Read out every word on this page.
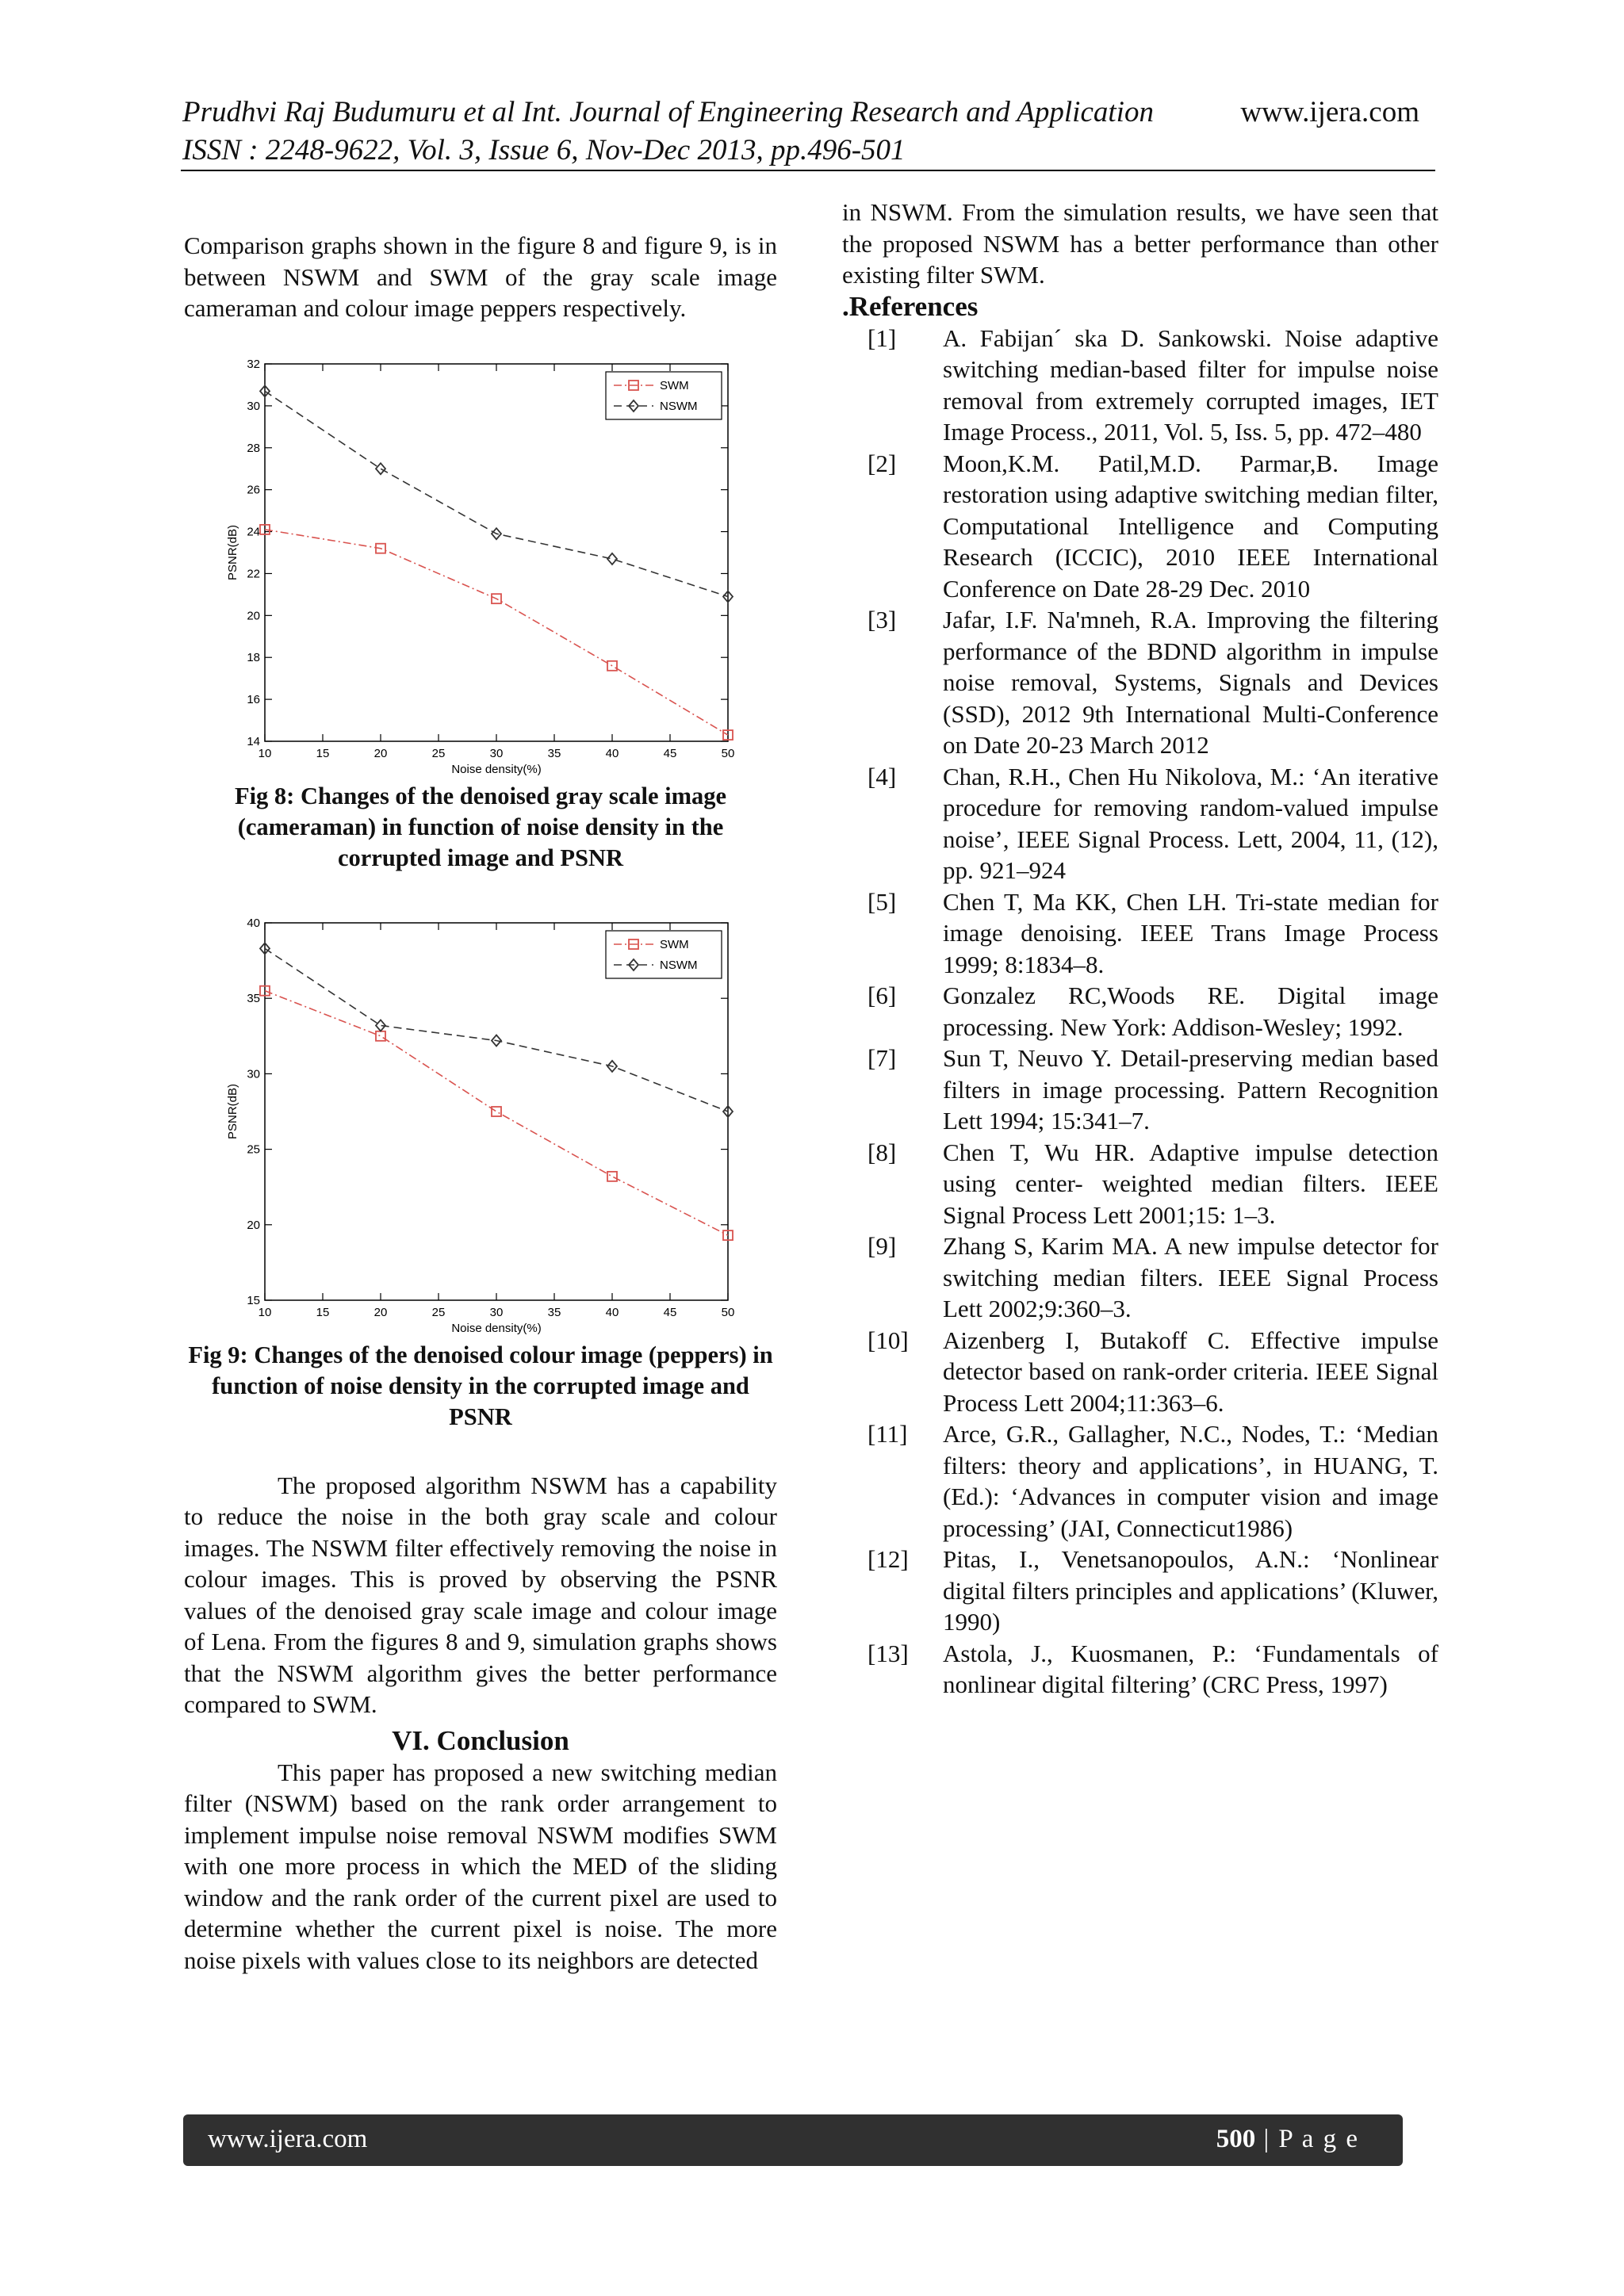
Prudhvi Raj Budumuru et al Int. Journal of Engineering Research and Application
ISSN : 2248-9622, Vol. 3, Issue 6, Nov-Dec 2013, pp.496-501
www.ijera.com

Comparison graphs shown in the figure 8 and figure 9, is in between NSWM and SWM of the gray scale image cameraman and colour image peppers respectively.

10	15	20	25	30	35	40	45	50
14
16
18
20
22
24
26
28
30
32
Noise density(%)
PSNR(dB)
SWM
NSWM

Fig 8: Changes of the denoised gray scale image (cameraman) in function of noise density in the corrupted image and PSNR

10	15	20	25	30	35	40	45	50
15
20
25
30
35
40
Noise density(%)
PSNR(dB)
SWM
NSWM

Fig 9: Changes of the denoised colour image (peppers) in function of noise density in the corrupted image and PSNR

The proposed algorithm NSWM has a capability to reduce the noise in the both gray scale and colour images. The NSWM filter effectively removing the noise in colour images. This is proved by observing the PSNR values of the denoised gray scale image and colour image of Lena. From the figures 8 and 9, simulation graphs shows that the NSWM algorithm gives the better performance compared to SWM.

VI. Conclusion

This paper has proposed a new switching median filter (NSWM) based on the rank order arrangement to implement impulse noise removal NSWM modifies SWM with one more process in which the MED of the sliding window and the rank order of the current pixel are used to determine whether the current pixel is noise. The more noise pixels with values close to its neighbors are detected

in NSWM. From the simulation results, we have seen that the proposed NSWM has a better performance than other existing filter SWM.

.References

[1] A. Fabijan´ ska D. Sankowski. Noise adaptive switching median-based filter for impulse noise removal from extremely corrupted images, IET Image Process., 2011, Vol. 5, Iss. 5, pp. 472–480

[2] Moon,K.M. Patil,M.D. Parmar,B. Image restoration using adaptive switching median filter, Computational Intelligence and Computing Research (ICCIC), 2010 IEEE International Conference on Date 28-29 Dec. 2010

[3] Jafar, I.F. Na'mneh, R.A. Improving the filtering performance of the BDND algorithm in impulse noise removal, Systems, Signals and Devices (SSD), 2012 9th International Multi-Conference on Date 20-23 March 2012

[4] Chan, R.H., Chen Hu Nikolova, M.: ‘An iterative procedure for removing random-valued impulse noise’, IEEE Signal Process. Lett, 2004, 11, (12), pp. 921–924

[5] Chen T, Ma KK, Chen LH. Tri-state median for image denoising. IEEE Trans Image Process 1999; 8:1834–8.

[6] Gonzalez RC,Woods RE. Digital image processing. New York: Addison-Wesley; 1992.

[7] Sun T, Neuvo Y. Detail-preserving median based filters in image processing. Pattern Recognition Lett 1994; 15:341–7.

[8] Chen T, Wu HR. Adaptive impulse detection using center- weighted median filters. IEEE Signal Process Lett 2001;15: 1–3.

[9] Zhang S, Karim MA. A new impulse detector for switching median filters. IEEE Signal Process Lett 2002;9:360–3.

[10] Aizenberg I, Butakoff C. Effective impulse detector based on rank-order criteria. IEEE Signal Process Lett 2004;11:363–6.

[11] Arce, G.R., Gallagher, N.C., Nodes, T.: ‘Median filters: theory and applications’, in HUANG, T. (Ed.): ‘Advances in computer vision and image processing’ (JAI, Connecticut1986)

[12] Pitas, I., Venetsanopoulos, A.N.: ‘Nonlinear digital filters principles and applications’ (Kluwer, 1990)

[13] Astola, J., Kuosmanen, P.: ‘Fundamentals of nonlinear digital filtering’ (CRC Press, 1997)

www.ijera.com	500 | P a g e
